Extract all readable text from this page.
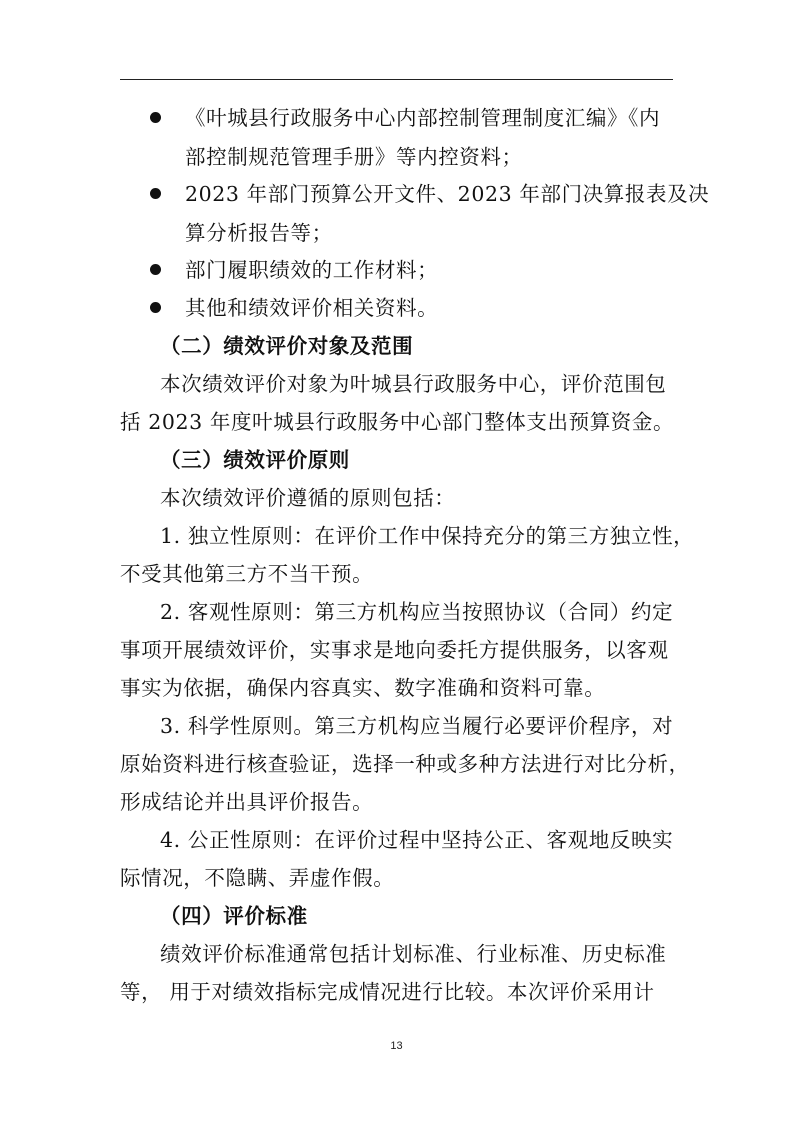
《叶城县行政服务中心内部控制管理制度汇编》《内
部控制规范管理手册》等内控资料；
2023 年部门预算公开文件、2023 年部门决算报表及决
算分析报告等；
部门履职绩效的工作材料；
其他和绩效评价相关资料。
（二）绩效评价对象及范围
本次绩效评价对象为叶城县行政服务中心，评价范围包
括 2023 年度叶城县行政服务中心部门整体支出预算资金。
（三）绩效评价原则
本次绩效评价遵循的原则包括：
1. 独立性原则：在评价工作中保持充分的第三方独立性，
不受其他第三方不当干预。
2. 客观性原则：第三方机构应当按照协议（合同）约定
事项开展绩效评价，实事求是地向委托方提供服务，以客观
事实为依据，确保内容真实、数字准确和资料可靠。
3. 科学性原则。第三方机构应当履行必要评价程序，对
原始资料进行核查验证，选择一种或多种方法进行对比分析，
形成结论并出具评价报告。
4. 公正性原则：在评价过程中坚持公正、客观地反映实
际情况，不隐瞒、弄虚作假。
（四）评价标准
绩效评价标准通常包括计划标准、行业标准、历史标准
等， 用于对绩效指标完成情况进行比较。本次评价采用计
13
